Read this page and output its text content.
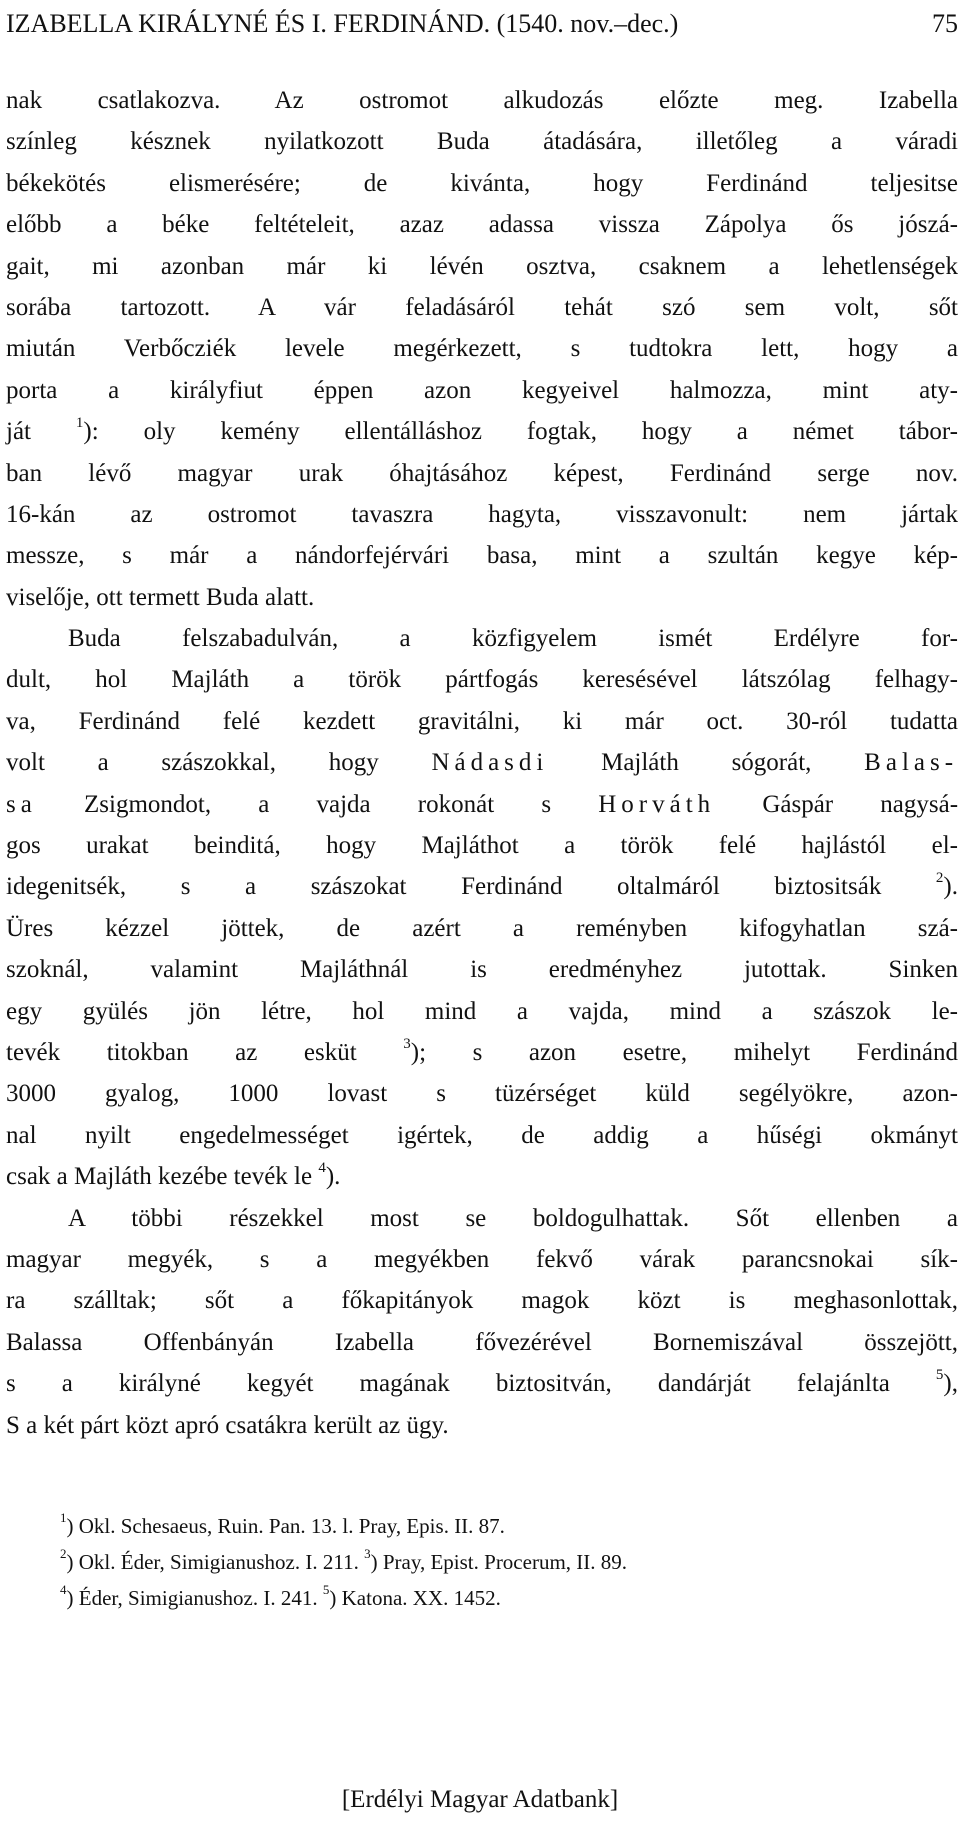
IZABELLA KIRÁLYNÉ ÉS I. FERDINÁND. (1540. nov.–dec.)	75
nak csatlakozva. Az ostromot alkudozás előzte meg. Izabella
színleg késznek nyilatkozott Buda átadására, illetőleg a váradi
békekötés elismerésére; de kivánta, hogy Ferdinánd teljesitse
előbb a béke feltételeit, azaz adassa vissza Zápolya ős jószá-
gait, mi azonban már ki lévén osztva, csaknem a lehetlenségek
sorába tartozott. A vár feladásáról tehát szó sem volt, sőt
miután Verbőcziék levele megérkezett, s tudtokra lett, hogy a
porta a királyfiut éppen azon kegyeivel halmozza, mint aty-
ját $^1$): oly kemény ellentálláshoz fogtak, hogy a német tábor-
ban lévő magyar urak óhajtásához képest, Ferdinánd serge nov.
16-kán az ostromot tavaszra hagyta, visszavonult: nem jártak
messze, s már a nándorfejérvári basa, mint a szultán kegye kép-
viselője, ott termett Buda alatt.
Buda felszabadulván, a közfigyelem ismét Erdélyre for-
dult, hol Majláth a török pártfogás keresésével látszólag felhagy-
va, Ferdinánd felé kezdett gravitálni, ki már oct. 30-ról tudatta
volt a szászokkal, hogy Nádasdi Majláth sógorát, Balas-
sa Zsigmondot, a vajda rokonát s Horváth Gáspár nagysá-
gos urakat beinditá, hogy Majláthot a török felé hajlástól el-
idegenitsék, s a szászokat Ferdinánd oltalmáról biztositsák	$^2$).
Üres kézzel jöttek, de azért a reményben kifogyhatlan szá-
szoknál, valamint Majláthnál is eredményhez jutottak. Sinken
egy gyülés jön létre, hol mind a vajda, mind a szászok le-
tevék titokban az esküt	$^3$); s azon esetre, mihelyt Ferdinánd
3000 gyalog, 1000 lovast s tüzérséget küld segélyökre, azon-
nal nyilt engedelmességet igértek, de addig a hűségi okmányt
csak a Majláth kezébe tevék le $^4$).
A többi részekkel most se boldogulhattak. Sőt ellenben a
magyar megyék, s a megyékben fekvő várak parancsnokai sík-
ra szálltak; sőt a főkapitányok magok közt is meghasonlottak,
Balassa Offenbányán Izabella fővezérével Bornemiszával összejött,
s a királyné kegyét magának biztositván, dandárját felajánlta	$^5$),
S a két párt közt apró csatákra került az ügy.
$^1$) Okl. Schesaeus, Ruin. Pan. 13. l. Pray, Epis. II. 87.
$^2$) Okl. Éder, Simigianushoz. I. 211. $^3$) Pray, Epist. Procerum, II. 89.
$^4$) Éder, Simigianushoz. I. 241. $^5$) Katona. XX. 1452.
[Erdélyi Magyar Adatbank]
